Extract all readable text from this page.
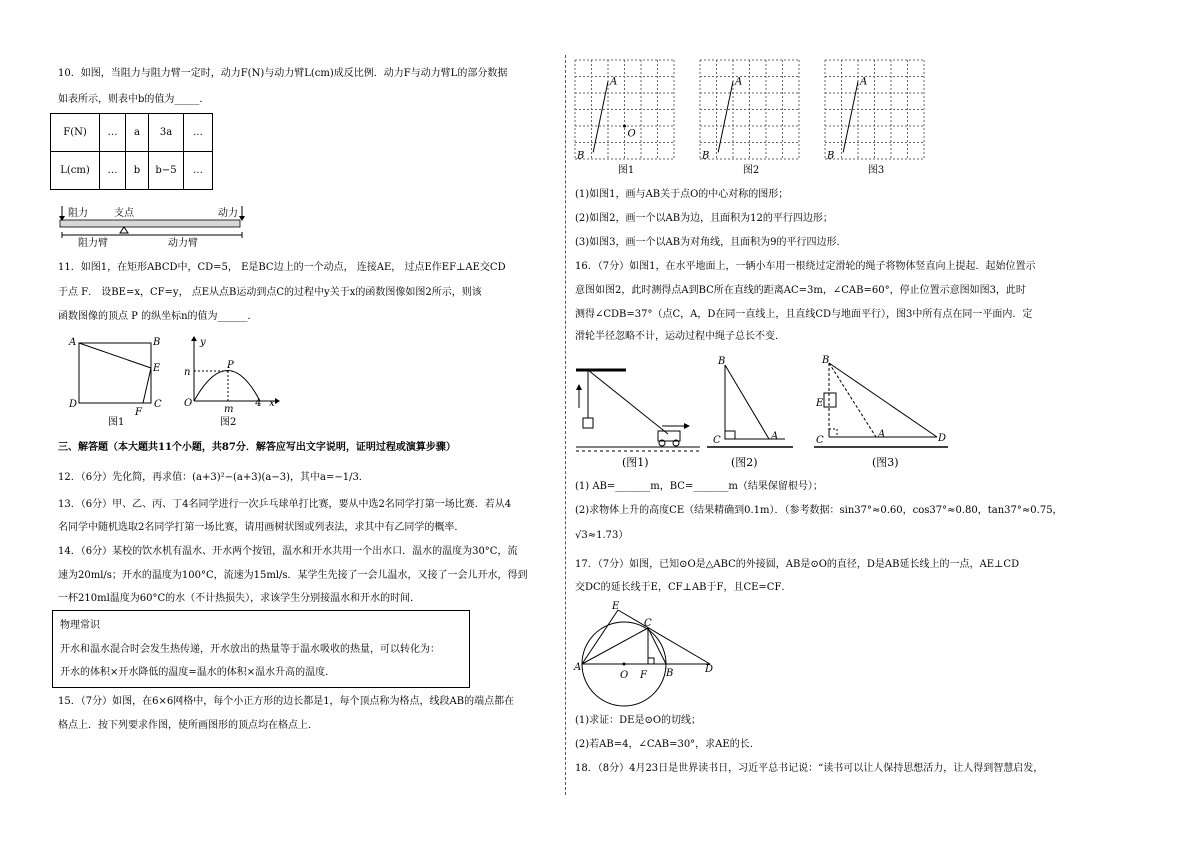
10．如图，当阻力与阻力臂一定时，动力F(N)与动力臂L(cm)成反比例．动力F与动力臂L的部分数据
如表所示，则表中b的值为_____．
F(N)	…	a	3a	…
L(cm)	…	b	b−5	…
阻力	支点	动力
阻力臂	动力臂
11．如图1，在矩形ABCD中，CD=5， E是BC边上的一个动点， 连接AE， 过点E作EF⊥AE交CD
于点 F． 设BE=x，CF=y， 点E从点B运动到点C的过程中y关于x的函数图像如图2所示，则该
函数图像的顶点 P 的纵坐标n的值为______．
A	B
E
C
D
F
图1
y
n
P
O
m
4 x
图2
三、解答题（本大题共11个小题，共87分．解答应写出文字说明，证明过程或演算步骤）
12．（6分）先化简，再求值：(a+3)²−(a+3)(a−3)，其中a=−1/3．
13．（6分）甲、乙、丙、丁4名同学进行一次乒乓球单打比赛，要从中选2名同学打第一场比赛．若从4
名同学中随机选取2名同学打第一场比赛，请用画树状图或列表法，求其中有乙同学的概率．
14．（6分）某校的饮水机有温水、开水两个按钮，温水和开水共用一个出水口．温水的温度为30°C，流
速为20ml/s；开水的温度为100°C，流速为15ml/s．某学生先接了一会儿温水，又接了一会儿开水，得到
一杯210ml温度为60°C的水（不计热损失），求该学生分别接温水和开水的时间．
物理常识
开水和温水混合时会发生热传递，开水放出的热量等于温水吸收的热量，可以转化为：
开水的体积×开水降低的温度=温水的体积×温水升高的温度．
15．（7分）如图，在6×6网格中，每个小正方形的边长都是1，每个顶点称为格点，线段AB的端点都在
格点上．按下列要求作图，使所画图形的顶点均在格点上．
A
B
O
图1
A
B
图2
A
B
图3
(1)如图1，画与AB关于点O的中心对称的图形；
(2)如图2，画一个以AB为边，且面积为12的平行四边形；
(3)如图3，画一个以AB为对角线，且面积为9的平行四边形．
16．（7分）如图1，在水平地面上，一辆小车用一根绕过定滑轮的绳子将物体竖直向上提起．起始位置示
意图如图2，此时测得点A到BC所在直线的距离AC=3m，∠CAB=60°，停止位置示意图如图3，此时
测得∠CDB=37°（点C，A，D在同一直线上，且直线CD与地面平行），图3中所有点在同一平面内．定
滑轮半径忽略不计，运动过程中绳子总长不变．
(图1)
B
C	A
(图2)
B
E
C
A	D
(图3)
(1) AB=_______m，BC=_______m（结果保留根号）；
(2)求物体上升的高度CE（结果精确到0.1m）．（参考数据：sin37°≈0.60，cos37°≈0.80，tan37°≈0.75，
√3≈1.73）
17．（7分）如图，已知⊙O是△ABC的外接圆，AB是⊙O的直径，D是AB延长线上的一点，AE⊥CD
交DC的延长线于E，CF⊥AB于F，且CE=CF．
E
C
A
O F B	D
(1)求证：DE是⊙O的切线；
(2)若AB=4，∠CAB=30°，求AE的长．
18．（8分）4月23日是世界读书日，习近平总书记说：“读书可以让人保持思想活力，让人得到智慧启发，
